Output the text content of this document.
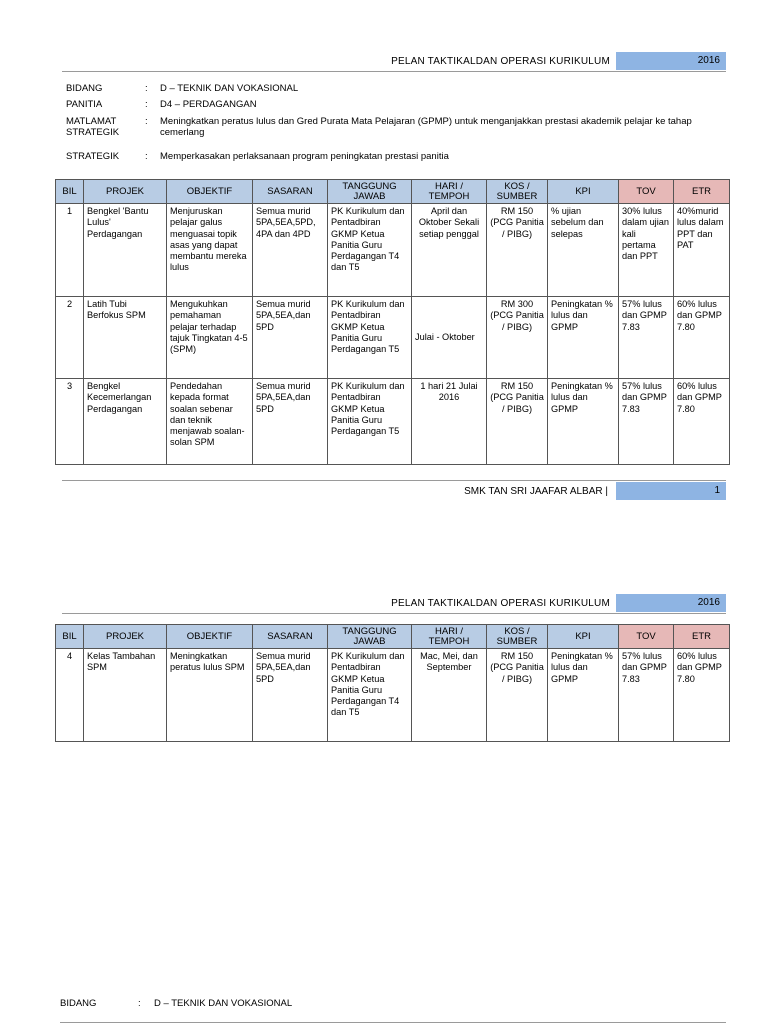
PELAN TAKTIKALDAN OPERASI KURIKULUM	2016
BIDANG	: D – TEKNIK DAN VOKASIONAL
PANITIA	: D4 – PERDAGANGAN
MATLAMAT STRATEGIK
: Meningkatkan peratus lulus dan Gred Purata Mata Pelajaran (GPMP) untuk menganjakkan prestasi akademik pelajar ke tahap cemerlang
STRATEGIK	: Memperkasakan perlaksanaan program peningkatan prestasi panitia
BIL	PROJEK	OBJEKTIF	SASARAN	TANGGUNG JAWAB	HARI / TEMPOH	KOS / SUMBER	KPI	TOV	ETR
1	Bengkel 'Bantu Lulus' Perdagangan	Menjuruskan pelajar galus menguasai topik asas yang dapat membantu mereka lulus	Semua murid 5PA,5EA,5PD, 4PA dan 4PD	PK Kurikulum dan Pentadbiran GKMP Ketua Panitia Guru Perdagangan T4 dan T5	April dan Oktober Sekali setiap penggal	RM 150 (PCG Panitia / PIBG)	% ujian sebelum dan selepas	30% lulus dalam ujian kali pertama dan PPT	40%murid lulus dalam PPT dan PAT
2	Latih Tubi Berfokus SPM	Mengukuhkan pemahaman pelajar terhadap tajuk Tingkatan 4-5 (SPM)	Semua murid 5PA,5EA,dan 5PD	PK Kurikulum dan Pentadbiran GKMP Ketua Panitia Guru Perdagangan T5	Julai - Oktober	RM 300 (PCG Panitia / PIBG)	Peningkatan % lulus dan GPMP	57% lulus dan GPMP 7.83	60% lulus dan GPMP 7.80
3	Bengkel Kecemerlangan Perdagangan	Pendedahan kepada format soalan sebenar dan teknik menjawab soalan-solan SPM	Semua murid 5PA,5EA,dan 5PD	PK Kurikulum dan Pentadbiran GKMP Ketua Panitia Guru Perdagangan T5	1 hari 21 Julai 2016	RM 150 (PCG Panitia / PIBG)	Peningkatan % lulus dan GPMP	57% lulus dan GPMP 7.83	60% lulus dan GPMP 7.80
SMK TAN SRI JAAFAR ALBAR |	1
PELAN TAKTIKALDAN OPERASI KURIKULUM	2016
BIL	PROJEK	OBJEKTIF	SASARAN	TANGGUNG JAWAB	HARI / TEMPOH	KOS / SUMBER	KPI	TOV	ETR
4	Kelas Tambahan SPM	Meningkatkan peratus lulus SPM	Semua murid 5PA,5EA,dan 5PD	PK Kurikulum dan Pentadbiran GKMP Ketua Panitia Guru Perdagangan T4 dan T5	Mac, Mei, dan September	RM 150 (PCG Panitia / PIBG)	Peningkatan % lulus dan GPMP	57% lulus dan GPMP 7.83	60% lulus dan GPMP 7.80
BIDANG	: D – TEKNIK DAN VOKASIONAL
